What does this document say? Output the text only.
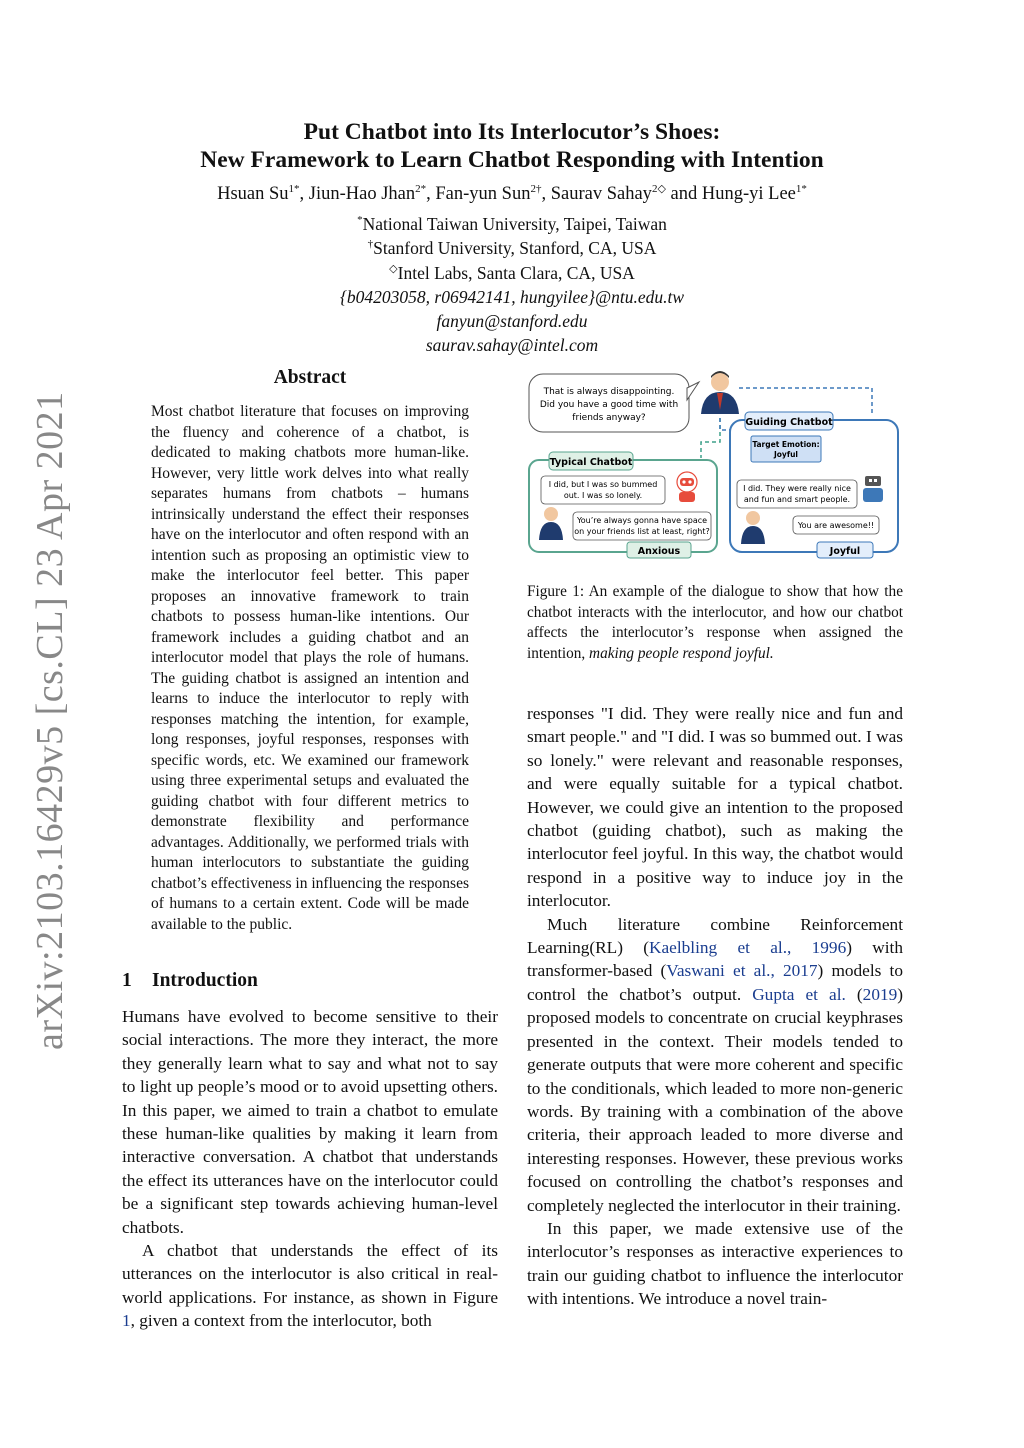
arXiv:2103.16429v5 [cs.CL] 23 Apr 2021
Put Chatbot into Its Interlocutor’s Shoes:
New Framework to Learn Chatbot Responding with Intention
Hsuan $Su^{1*}$, Jiun-Hao Jhan$^{2*}$, Fan-yun Sun$^{2\dagger}$, Saurav Sahay$^{2◇}$ and Hung-yi Lee$^{1*}$
*National Taiwan University, Taipei, Taiwan
†Stanford University, Stanford, CA, USA
◇Intel Labs, Santa Clara, CA, USA
{b04203058, r06942141, hungyilee}@ntu.edu.tw
fanyun@stanford.edu
saurav.sahay@intel.com
Abstract
Most chatbot literature that focuses on improving the fluency and coherence of a chatbot, is dedicated to making chatbots more human-like. However, very little work delves into what really separates humans from chatbots – humans intrinsically understand the effect their responses have on the interlocutor and often respond with an intention such as proposing an optimistic view to make the interlocutor feel better. This paper proposes an innovative framework to train chatbots to possess human-like intentions. Our framework includes a guiding chatbot and an interlocutor model that plays the role of humans. The guiding chatbot is assigned an intention and learns to induce the interlocutor to reply with responses matching the intention, for example, long responses, joyful responses, responses with specific words, etc. We examined our framework using three experimental setups and evaluated the guiding chatbot with four different metrics to demonstrate flexibility and performance advantages. Additionally, we performed trials with human interlocutors to substantiate the guiding chatbot’s effectiveness in influencing the responses of humans to a certain extent. Code will be made available to the public.
1 Introduction

Humans have evolved to become sensitive to their social interactions. The more they interact, the more they generally learn what to say and what not to say to light up people’s mood or to avoid upsetting others. In this paper, we aimed to train a chatbot to emulate these human-like qualities by making it learn from interactive conversation. A chatbot that understands the effect its utterances have on the interlocutor could be a significant step towards achieving human-level chatbots.

A chatbot that understands the effect of its utterances on the interlocutor is also critical in real-world applications. For instance, as shown in Figure 1, given a context from the interlocutor, both

That is always disappointing.
Did you have a good time with
friends anyway?
Typical Chatbot
I did, but I was so bummed
out. I was so lonely.
You’re always gonna have space
on your friends list at least, right?
Anxious
Guiding Chatbot
Target Emotion:
Joyful
I did. They were really nice
and fun and smart people.
You are awesome!!
Joyful
Figure 1: An example of the dialogue to show that how the chatbot interacts with the interlocutor, and how our chatbot affects the interlocutor’s response when assigned the intention, making people respond joyful.

responses "I did. They were really nice and fun and smart people." and "I did. I was so bummed out. I was so lonely." were relevant and reasonable responses, and were equally suitable for a typical chatbot. However, we could give an intention to the proposed chatbot (guiding chatbot), such as making the interlocutor feel joyful. In this way, the chatbot would respond in a positive way to induce joy in the interlocutor.

Much literature combine Reinforcement Learning(RL) (Kaelbling et al., 1996) with transformer-based (Vaswani et al., 2017) models to control the chatbot’s output. Gupta et al. (2019) proposed models to concentrate on crucial keyphrases presented in the context. Their models tended to generate outputs that were more coherent and specific to the conditionals, which leaded to more non-generic words. By training with a combination of the above criteria, their approach leaded to more diverse and interesting responses. However, these previous works focused on controlling the chatbot’s responses and completely neglected the interlocutor in their training.

In this paper, we made extensive use of the interlocutor’s responses as interactive experiences to train our guiding chatbot to influence the interlocutor with intentions. We introduce a novel train-
